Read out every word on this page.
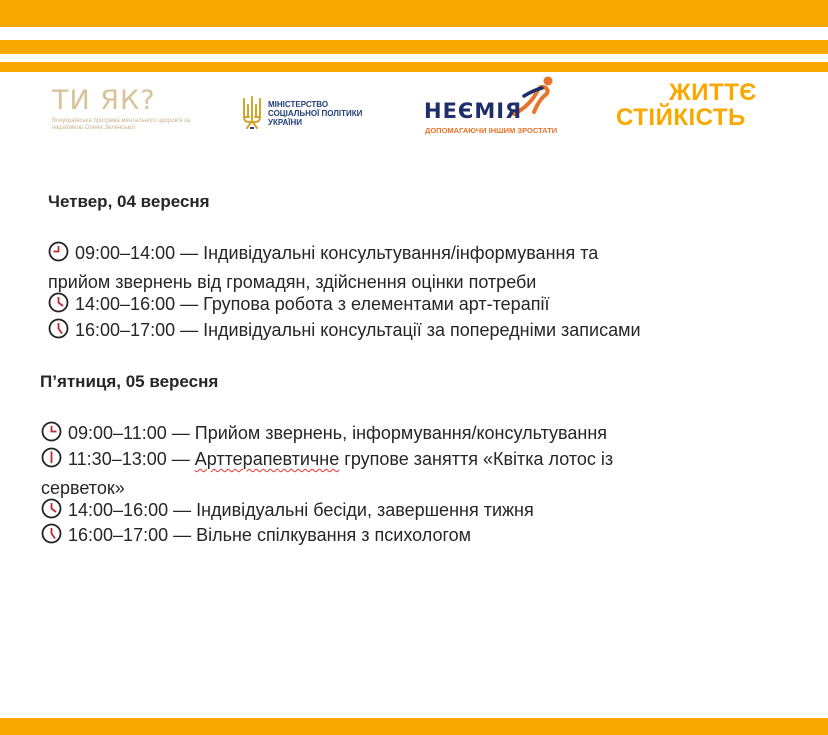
ТИ ЯК?
Всеукраїнська програма ментального здоров'я за ініціативою Олени Зеленської
МІНІСТЕРСТВО
СОЦІАЛЬНОЇ ПОЛІТИКИ
УКРАЇНИ	НЕЄМІЯ
ДОПОМАГАЮЧИ ІНШИМ ЗРОСТАТИ
ЖИТТЄ
СТІЙКІСТЬ
Четвер, 04 вересня
09:00–14:00 — Індивідуальні консультування/інформування та
прийом звернень від громадян, здійснення оцінки потреби
14:00–16:00 — Групова робота з елементами арт-терапії
16:00–17:00 — Індивідуальні консультації за попередніми записами
П’ятниця, 05 вересня
09:00–11:00 — Прийом звернень, інформування/консультування
11:30–13:00 — Арттерапевтичне групове заняття «Квітка лотос із
серветок»
14:00–16:00 — Індивідуальні бесіди, завершення тижня
16:00–17:00 — Вільне спілкування з психологом
